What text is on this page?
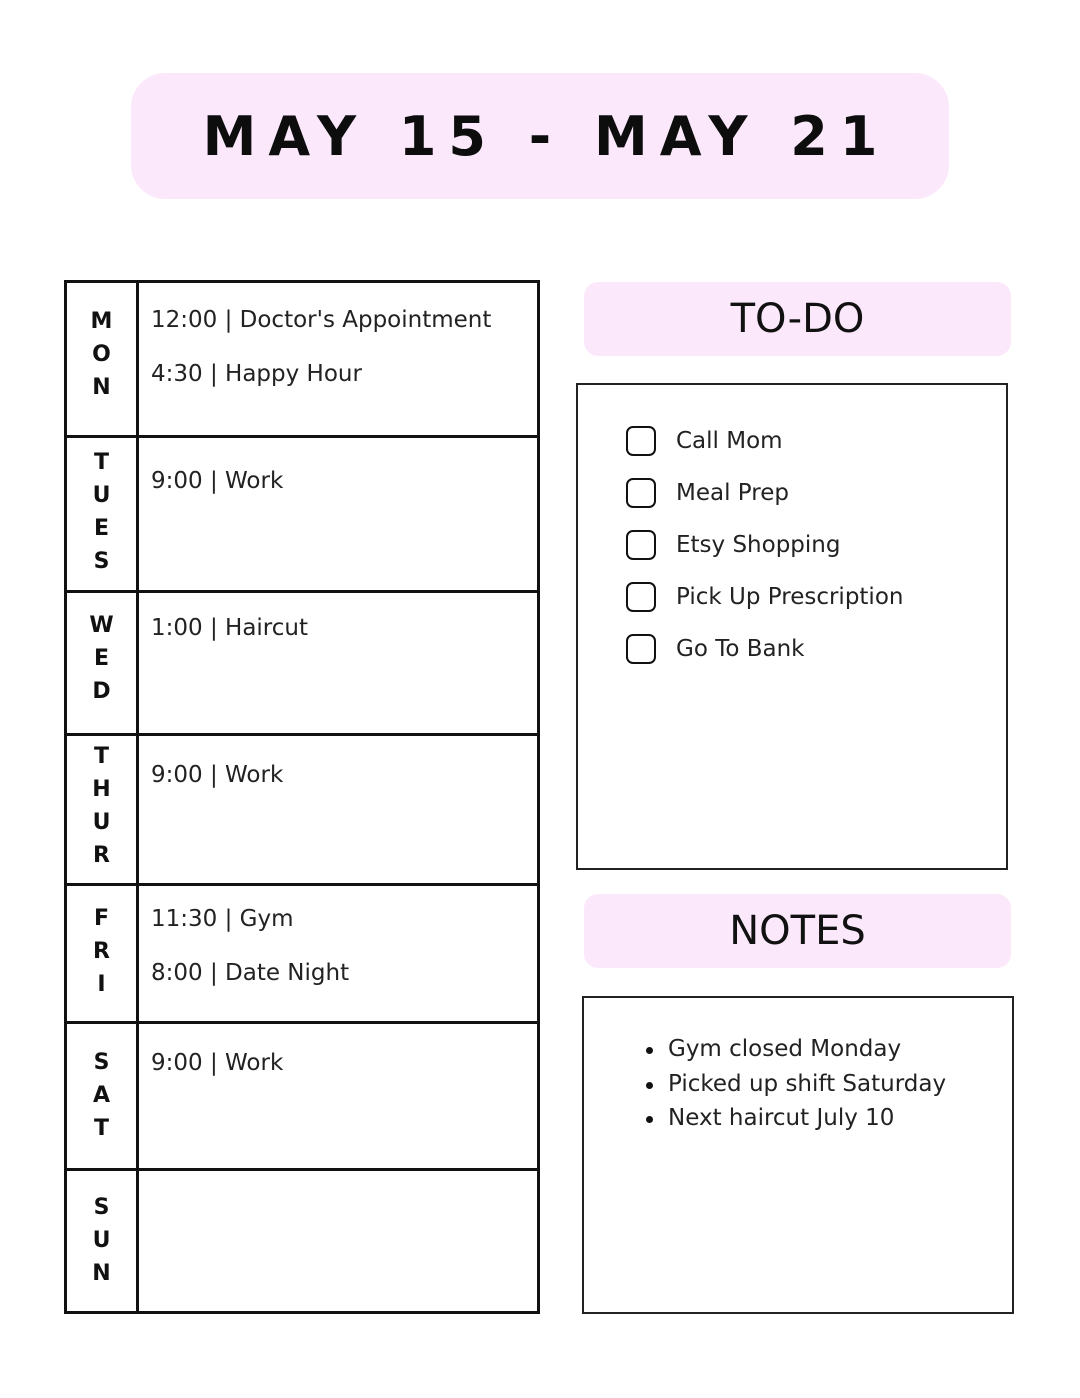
MAY 15 - MAY 21
M
O
N
12:00 | Doctor's Appointment
4:30 | Happy Hour
T
U
E
S
9:00 | Work
W
E
D
1:00 | Haircut
T
H
U
R
9:00 | Work
F
R
I
11:30 | Gym
8:00 | Date Night
S
A
T
9:00 | Work
S
U
N
TO-DO
Call Mom
Meal Prep
Etsy Shopping
Pick Up Prescription
Go To Bank
NOTES
Gym closed Monday
Picked up shift Saturday
Next haircut July 10
